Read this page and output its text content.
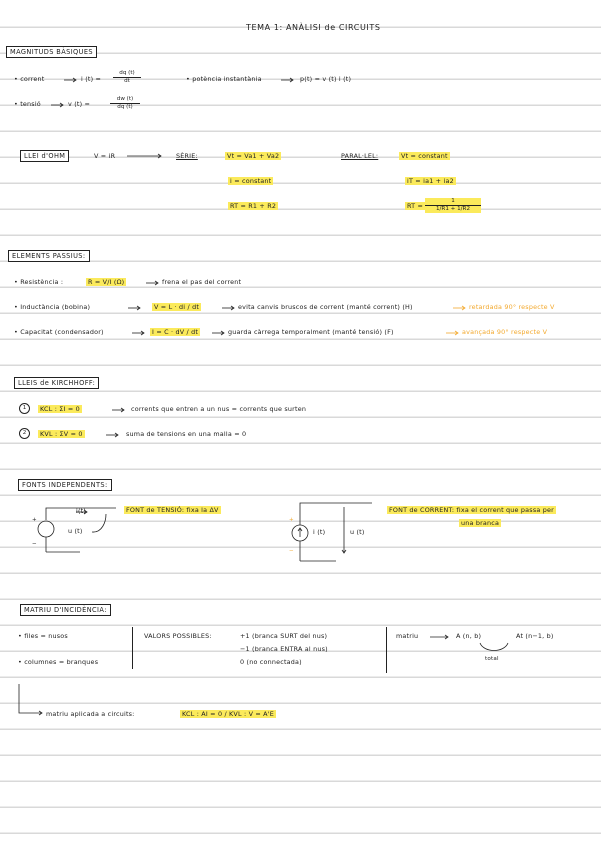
TEMA 1: ANÀLISI de CIRCUITS
MAGNITUDS BÀSIQUES
• corrent	i $(t) = \frac{dq (t)}{dt}$	• potència instantània	p(t) = v (t) i (t)
• tensió	v (t) =	$\frac{dw (t)}{dq (t)}$
LLEI d'OHM	V = iR	SÈRIE:	Vt = Va1 + Va2
i = constant
RT = R1 + R2
PARAL·LEL:	Vt = constant
iT = ia1 + ia2
RT = $\frac{1}{1/R1 + 1/R2}$
ELEMENTS PASSIUS:
• Resistència :	R = V/I (Ω)	frena el pas del corrent
• Inductància (bobina)	V = L · di / dt	evita canvis bruscos de corrent (manté corrent) (H)	retardada 90° respecte V
• Capacitat (condensador)	I = C · dV / dt	guarda càrrega temporalment (manté tensió) (F)	avançada 90° respecte V
LLEIS de KIRCHHOFF:
1	KCL : ΣI = 0	corrents que entren a un nus = corrents que surten
2	KVL : ΣV = 0	suma de tensions en una malla = 0
FONTS INDEPENDENTS:
+
−
i(t)
u (t)
FONT de TENSIÓ: fixa la ΔV
+
−
i (t)	u (t)
FONT de CORRENT: fixa el corrent que passa per
una branca
MATRIU D'INCIDÈNCIA:
• files = nusos
• columnes = branques
VALORS POSSIBLES:	+1 (branca SURT del nus)
−1 (branca ENTRA al nus)
0 (no connectada)
matriu	A (n, b)	At (n−1, b)
total
matriu aplicada a circuits:	KCL : AI = 0 / KVL : V = A'E
